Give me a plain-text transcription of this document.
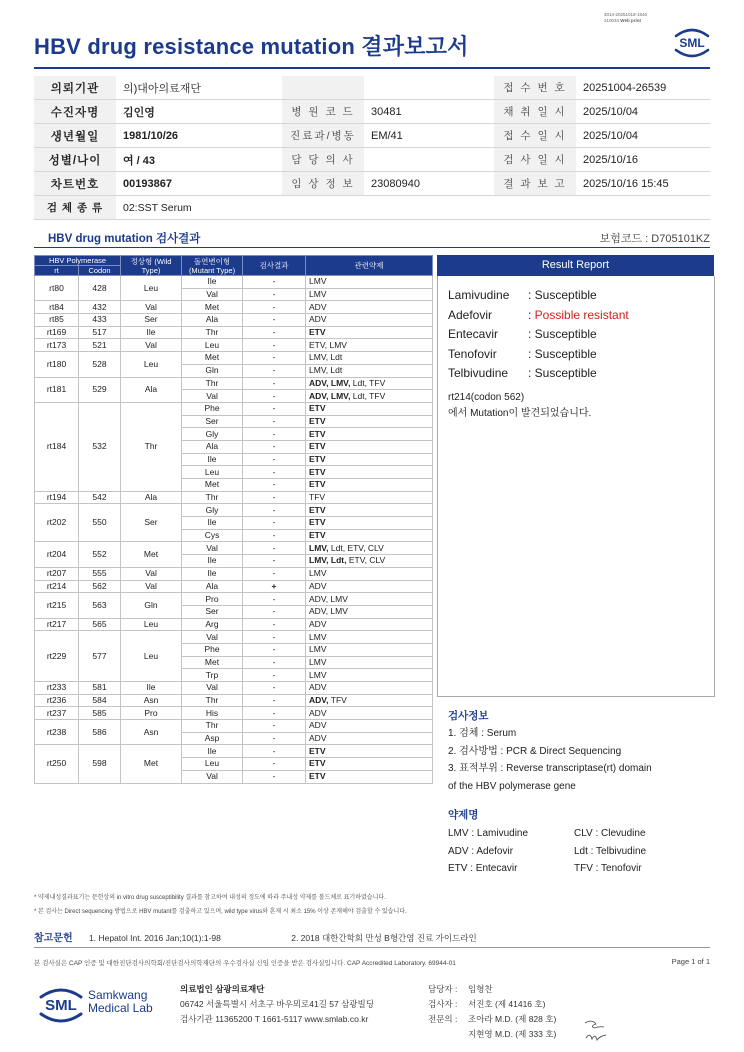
3014-20251016-1546
210034 Web print
HBV drug resistance mutation 결과보고서	SML
의뢰기관	의)대아의료재단			접 수 번 호	20251004-26539
수진자명	김인영	병 원 코 드	30481	채 취 일 시	2025/10/04
생년월일	1981/10/26	진료과/병동	EM/41	접 수 일 시	2025/10/04
성별/나이	여 / 43	담 당 의 사		검 사 일 시	2025/10/16
차트번호	00193867	임 상 정 보	23080940	결 과 보 고	2025/10/16 15:45
검 체 종 류	02:SST Serum				
HBV drug mutation 검사결과	보험코드 : D705101KZ
HBV Polymerase		정상형 (Wild Type)	돌연변이형 (Mutant Type)	검사결과	관련약제
rt	Codon				
rt80	428	Leu	Ile	-	LMV
			Val	-	LMV
rt84	432	Val	Met	-	ADV
rt85	433	Ser	Ala	-	ADV
rt169	517	Ile	Thr	-	ETV
rt173	521	Val	Leu	-	ETV, LMV
rt180	528	Leu	Met	-	LMV, Ldt
			Gln	-	LMV, Ldt
rt181	529	Ala	Thr	-	ADV, LMV, Ldt, TFV
			Val	-	ADV, LMV, Ldt, TFV
rt184	532	Thr	Phe	-	ETV
			Ser	-	ETV
			Gly	-	ETV
			Ala	-	ETV
			Ile	-	ETV
			Leu	-	ETV
			Met	-	ETV
rt194	542	Ala	Thr	-	TFV
rt202	550	Ser	Gly	-	ETV
			Ile	-	ETV
			Cys	-	ETV
rt204	552	Met	Val	-	LMV, Ldt, ETV, CLV
			Ile	-	LMV, Ldt, ETV, CLV
rt207	555	Val	Ile	-	LMV
rt214	562	Val	Ala	+	ADV
rt215	563	Gln	Pro	-	ADV, LMV
			Ser	-	ADV, LMV
rt217	565	Leu	Arg	-	ADV
rt229	577	Leu	Val	-	LMV
			Phe	-	LMV
			Met	-	LMV
			Trp	-	LMV
rt233	581	Ile	Val	-	ADV
rt236	584	Asn	Thr	-	ADV, TFV
rt237	585	Pro	His	-	ADV
rt238	586	Asn	Thr	-	ADV
			Asp	-	ADV
rt250	598	Met	Ile	-	ETV
			Leu	-	ETV
			Val	-	ETV
Result Report
Lamivudine : Susceptible
Adefovir	: Possible resistant
Entecavir : Susceptible
Tenofovir	: Susceptible
Telbivudine : Susceptible
rt214(codon 562)
에서 Mutation이 발견되었습니다.
검사정보
1. 검체 : Serum
2. 검사방법 : PCR & Direct Sequencing
3. 표적부위 : Reverse transcriptase(rt) domain
of the HBV polymerase gene
약제명
LMV : Lamivudine	CLV : Clevudine
ADV : Adefovir	Ldt : Telbivudine
ETV : Entecavir	TFV : Tenofovir
* 약제내성결과표기는 문헌상의 in vitro drug susceptibility 결과를 참고하여 내성의 정도에 따라 주내성 약제를 볼드체로 표기하였습니다.
* 본 검사는 Direct sequencing 방법으로 HBV mutant를 검출하고 있으며, wild type virus와 혼재 시 최소 15% 이상 존재해야 검출할 수 있습니다.
참고문헌 1. Hepatol Int. 2016 Jan;10(1):1-98	2. 2018 대한간학회 만성 B형간염 진료 가이드라인
본 검사실은 CAP 인증 및 대한진단검사의학회/진단검사의학재단의 우수검사실 신임 인증을 받은 검사실입니다. CAP Accredited Laboratory. 69944-01	Page 1 of 1
SML
Samkwang
Medical Lab
의료법인 삼광의료재단
06742 서울특별시 서초구 바우뫼로41길 57 삼광빌딩
검사기관 11365200 T 1661-5117 www.smlab.co.kr
담당자 : 임형찬
검사자 : 서진호 (제 41416 호)
전문의 : 조아라 M.D. (제 828 호)
지현영 M.D. (제 333 호)
